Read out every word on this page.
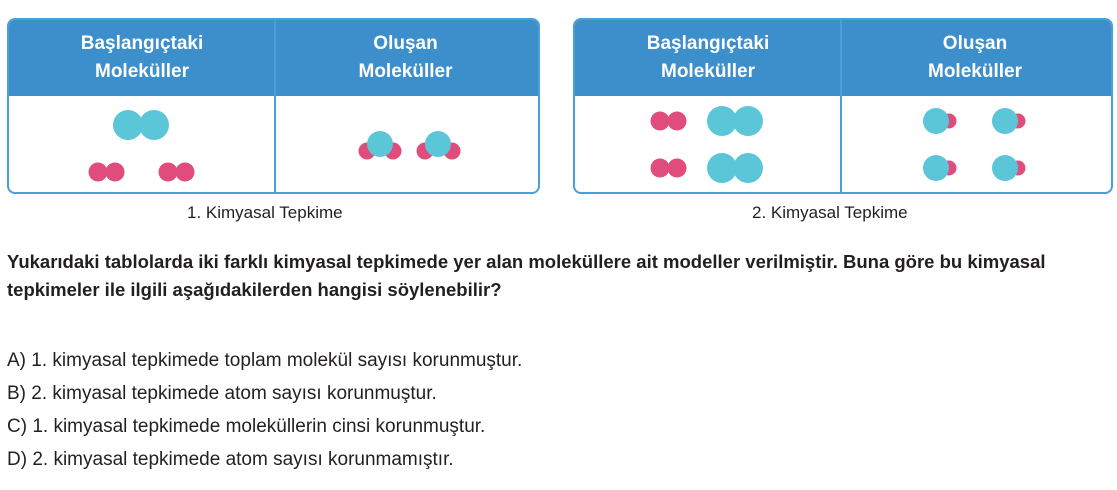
Başlangıçtaki
Moleküller
Oluşan
Moleküller
1. Kimyasal Tepkime
Başlangıçtaki
Moleküller
Oluşan
Moleküller
2. Kimyasal Tepkime
Yukarıdaki tablolarda iki farklı kimyasal tepkimede yer alan moleküllere ait modeller verilmiştir. Buna göre bu kimyasal tepkimeler ile ilgili aşağıdakilerden hangisi söylenebilir?
A) 1. kimyasal tepkimede toplam molekül sayısı korunmuştur.
B) 2. kimyasal tepkimede atom sayısı korunmuştur.
C) 1. kimyasal tepkimede moleküllerin cinsi korunmuştur.
D) 2. kimyasal tepkimede atom sayısı korunmamıştır.
